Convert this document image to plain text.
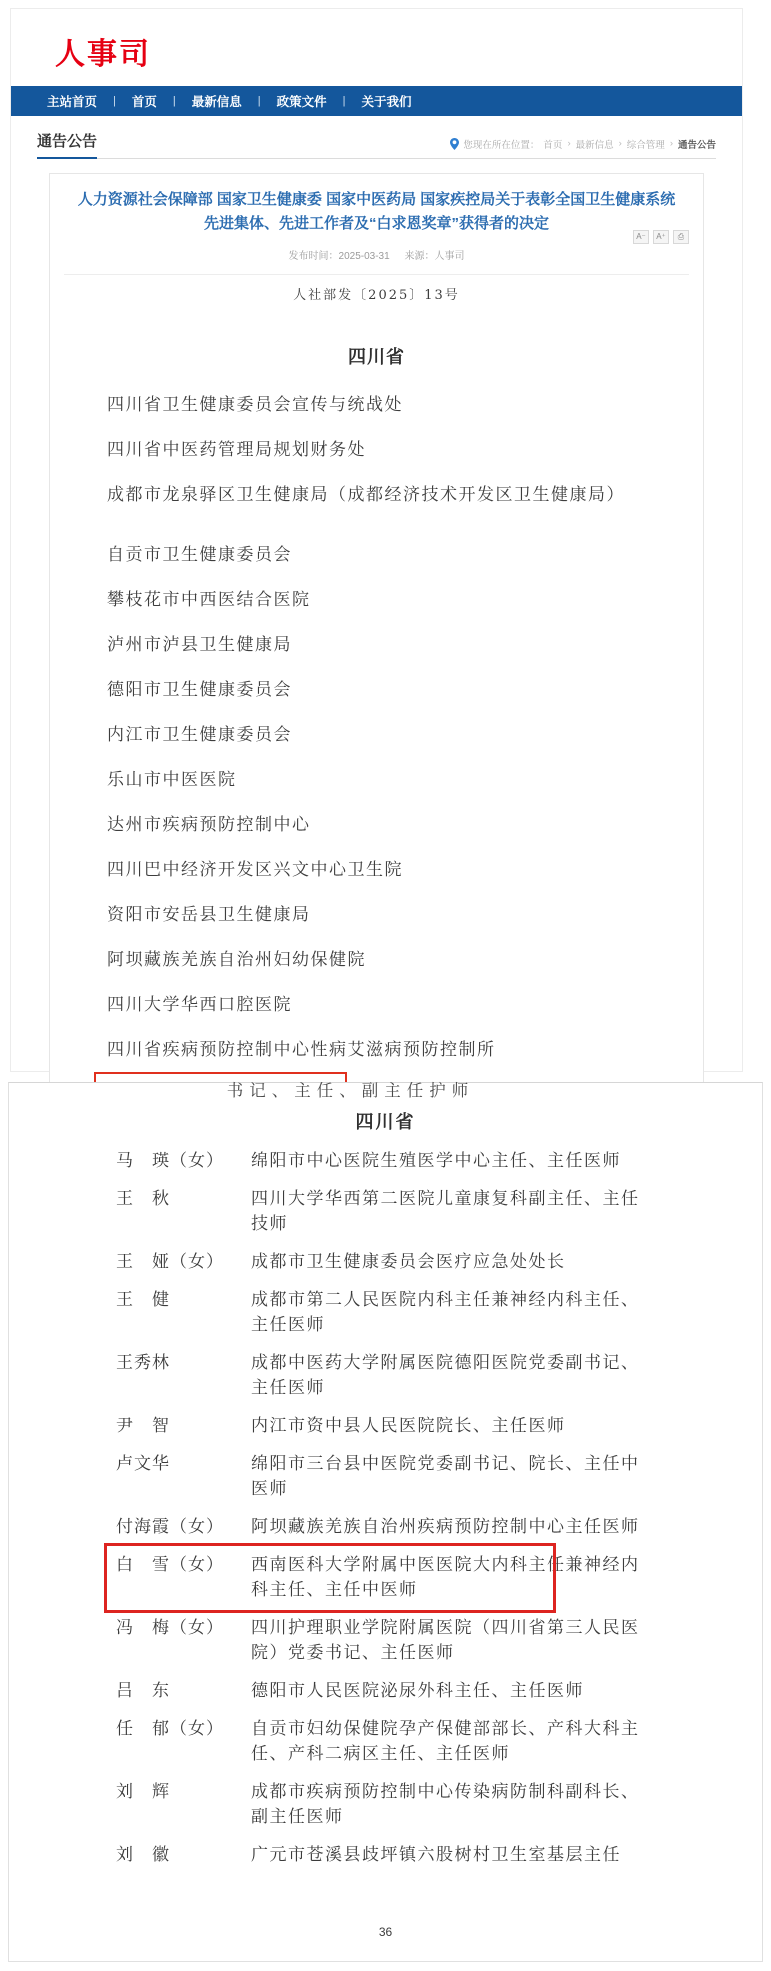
人事司
主站首页 | 首页 | 最新信息 | 政策文件 | 关于我们
通告公告	您现在所在位置： 首页 › 最新信息 › 综合管理 › 通告公告
人力资源社会保障部 国家卫生健康委 国家中医药局 国家疾控局关于表彰全国卫生健康系统先进集体、先进工作者及“白求恩奖章”获得者的决定
发布时间：2025-03-31 来源：人事司
A⁻	A⁺	⎙
人社部发〔2025〕13号
四川省
四川省卫生健康委员会宣传与统战处
四川省中医药管理局规划财务处
成都市龙泉驿区卫生健康局（成都经济技术开发区卫生健康局）
自贡市卫生健康委员会
攀枝花市中西医结合医院
泸州市泸县卫生健康局
德阳市卫生健康委员会
内江市卫生健康委员会
乐山市中医医院
达州市疾病预防控制中心
四川巴中经济开发区兴文中心卫生院
资阳市安岳县卫生健康局
阿坝藏族羌族自治州妇幼保健院
四川大学华西口腔医院
四川省疾病预防控制中心性病艾滋病预防控制所
书记、主任、副主任护师
四川省
马　瑛（女）	绵阳市中心医院生殖医学中心主任、主任医师
王　秋	四川大学华西第二医院儿童康复科副主任、主任技师
王　娅（女）	成都市卫生健康委员会医疗应急处处长
王　健	成都市第二人民医院内科主任兼神经内科主任、主任医师
王秀林	成都中医药大学附属医院德阳医院党委副书记、主任医师
尹　智	内江市资中县人民医院院长、主任医师
卢文华	绵阳市三台县中医院党委副书记、院长、主任中医师
付海霞（女）	阿坝藏族羌族自治州疾病预防控制中心主任医师
白　雪（女）	西南医科大学附属中医医院大内科主任兼神经内科主任、主任中医师
冯　梅（女）	四川护理职业学院附属医院（四川省第三人民医院）党委书记、主任医师
吕　东	德阳市人民医院泌尿外科主任、主任医师
任　郁（女）	自贡市妇幼保健院孕产保健部部长、产科大科主任、产科二病区主任、主任医师
刘　辉	成都市疾病预防控制中心传染病防制科副科长、副主任医师
刘　徽	广元市苍溪县歧坪镇六股树村卫生室基层主任
36
